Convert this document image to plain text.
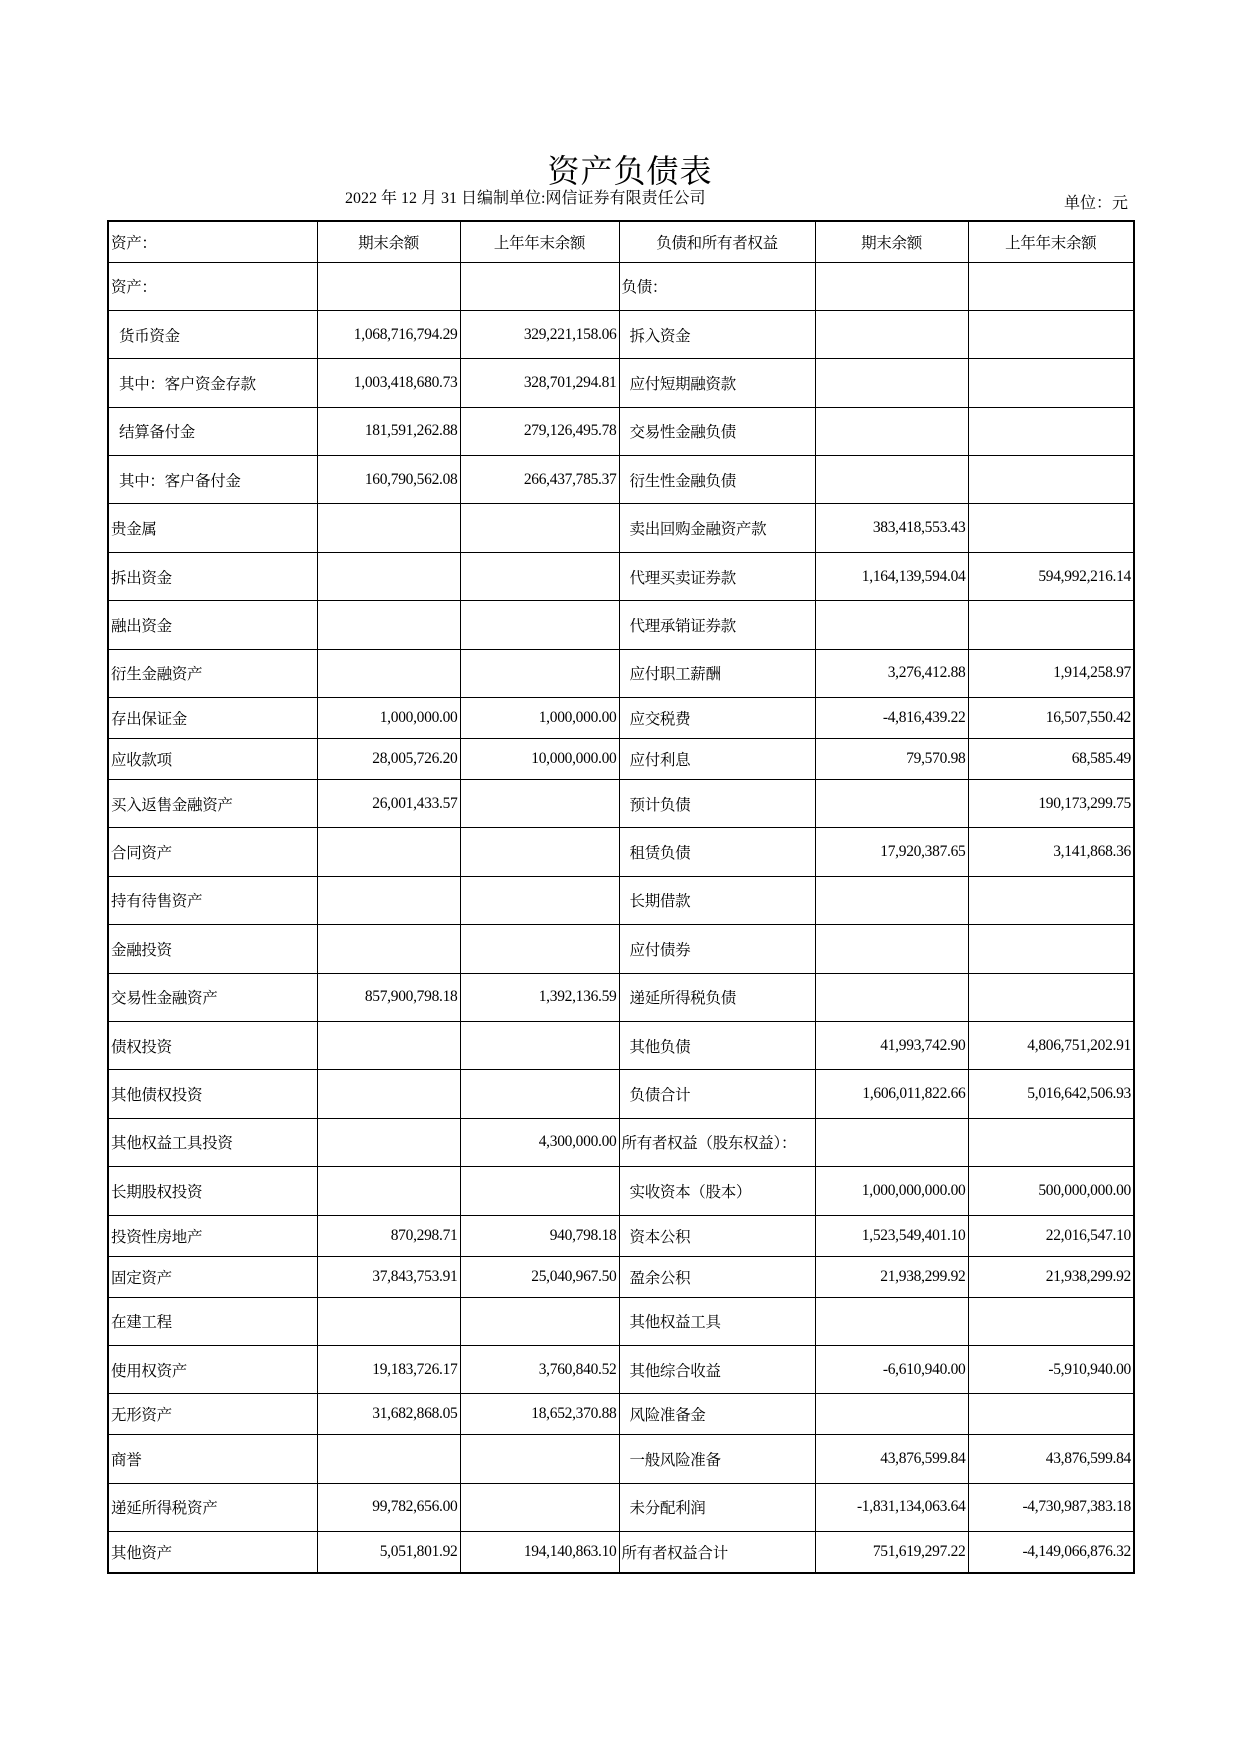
资产负债表
2022 年 12 月 31 日编制单位:网信证券有限责任公司	单位：元
资产：	期末余额	上年年末余额	负债和所有者权益	期末余额	上年年末余额
资产：			负债：		
货币资金	1,068,716,794.29	329,221,158.06	拆入资金		
其中：客户资金存款	1,003,418,680.73	328,701,294.81	应付短期融资款		
结算备付金	181,591,262.88	279,126,495.78	交易性金融负债		
其中：客户备付金	160,790,562.08	266,437,785.37	衍生性金融负债		
贵金属			卖出回购金融资产款	383,418,553.43	
拆出资金			代理买卖证券款	1,164,139,594.04	594,992,216.14
融出资金			代理承销证券款		
衍生金融资产			应付职工薪酬	3,276,412.88	1,914,258.97
存出保证金	1,000,000.00	1,000,000.00	应交税费	-4,816,439.22	16,507,550.42
应收款项	28,005,726.20	10,000,000.00	应付利息	79,570.98	68,585.49
买入返售金融资产	26,001,433.57		预计负债		190,173,299.75
合同资产			租赁负债	17,920,387.65	3,141,868.36
持有待售资产			长期借款		
金融投资			应付债券		
交易性金融资产	857,900,798.18	1,392,136.59	递延所得税负债		
债权投资			其他负债	41,993,742.90	4,806,751,202.91
其他债权投资			负债合计	1,606,011,822.66	5,016,642,506.93
其他权益工具投资		4,300,000.00	所有者权益（股东权益）：		
长期股权投资			实收资本（股本）	1,000,000,000.00	500,000,000.00
投资性房地产	870,298.71	940,798.18	资本公积	1,523,549,401.10	22,016,547.10
固定资产	37,843,753.91	25,040,967.50	盈余公积	21,938,299.92	21,938,299.92
在建工程			其他权益工具		
使用权资产	19,183,726.17	3,760,840.52	其他综合收益	-6,610,940.00	-5,910,940.00
无形资产	31,682,868.05	18,652,370.88	风险准备金		
商誉			一般风险准备	43,876,599.84	43,876,599.84
递延所得税资产	99,782,656.00		未分配利润	-1,831,134,063.64	-4,730,987,383.18
其他资产	5,051,801.92	194,140,863.10	所有者权益合计	751,619,297.22	-4,149,066,876.32
